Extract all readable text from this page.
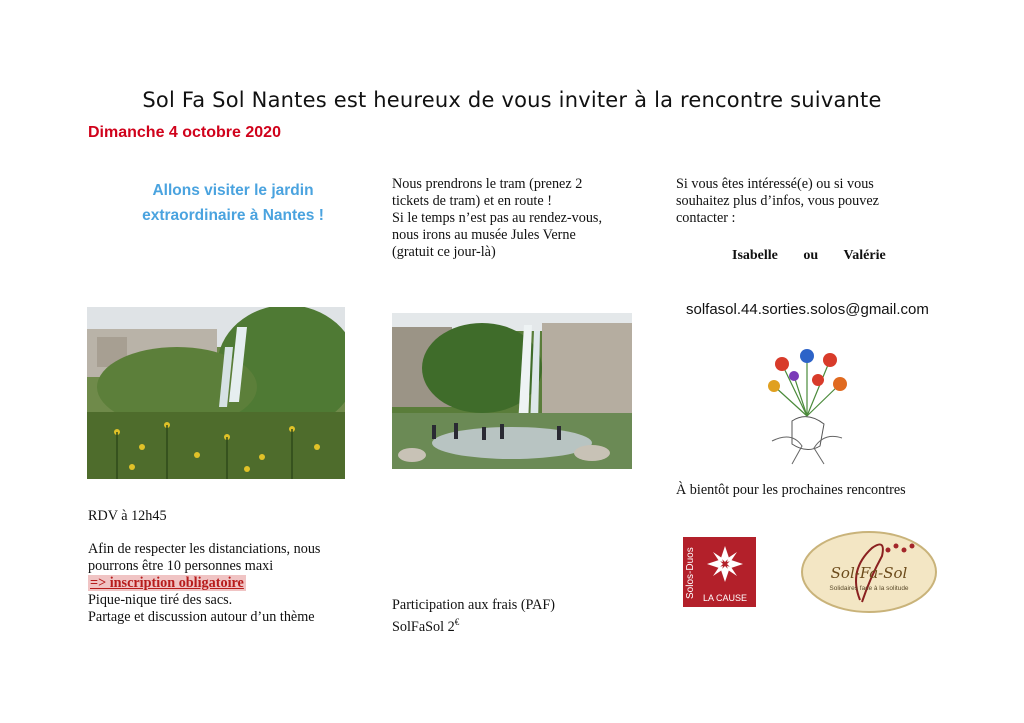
Sol Fa Sol Nantes est heureux de vous inviter à la rencontre suivante
Dimanche 4 octobre 2020
Allons visiter le jardin
extraordinaire à Nantes !
Nous prendrons le tram (prenez 2
tickets de tram) et en route !
Si le temps n’est pas au rendez-vous,
nous irons au musée Jules Verne
(gratuit ce jour-là)
Si vous êtes intéressé(e) ou si vous
souhaitez plus d’infos, vous pouvez
contacter :
Isabelle ou Valérie
solfasol.44.sorties.solos@gmail.com
À bientôt pour les prochaines rencontres
RDV à 12h45
Afin de respecter les distanciations, nous
pourrons être 10 personnes maxi
=> inscription obligatoire
Pique-nique tiré des sacs.
Partage et discussion autour d’un thème
Participation aux frais (PAF)
SolFaSol 2€
Solos-Duos LA CAUSE
Sol-Fa-Sol
Solidaires face à la solitude
